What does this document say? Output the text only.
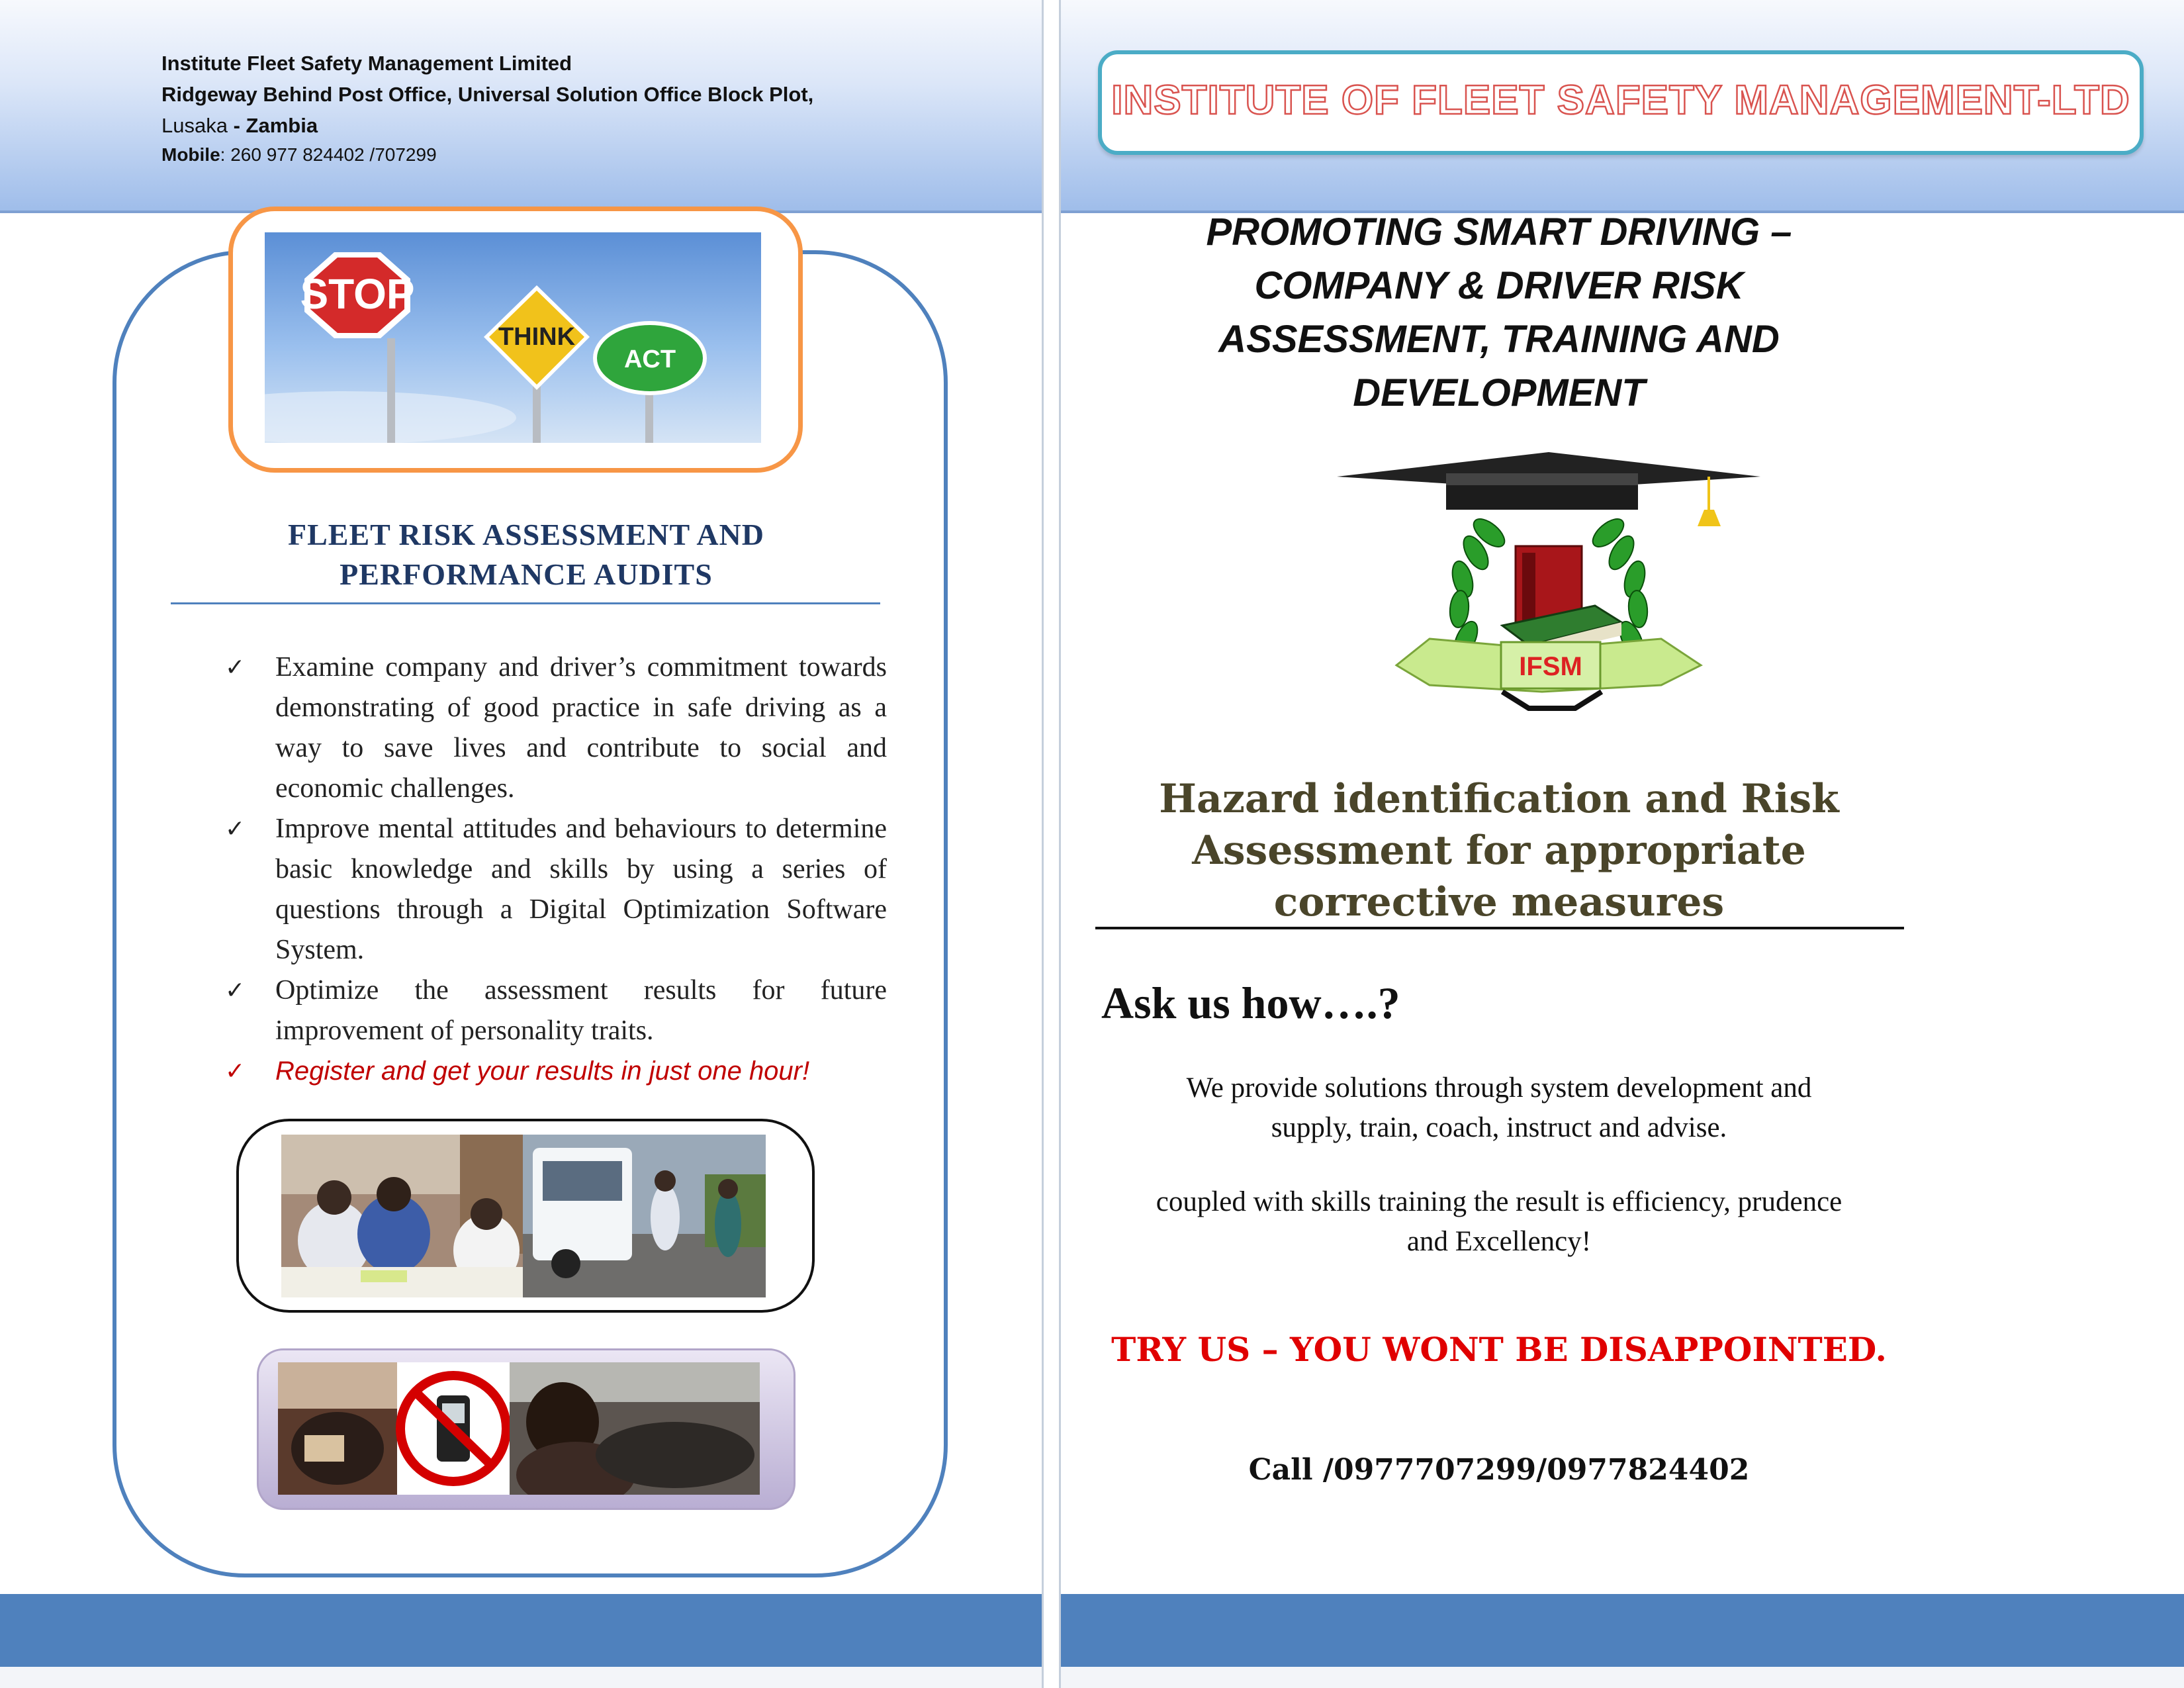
Institute Fleet Safety Management Limited
Ridgeway Behind Post Office, Universal Solution Office Block Plot,
Lusaka - Zambia
Mobile: 260 977 824402 /707299
STOP
THINK
ACT
FLEET RISK ASSESSMENT AND
PERFORMANCE AUDITS
✓ Examine company and driver’s commitment towards demonstrating of good practice in safe driving as a way to save lives and contribute to social and economic challenges.
✓ Improve mental attitudes and behaviours to determine basic knowledge and skills by using a series of questions through a Digital Optimization Software System.
✓ Optimize the assessment results for future improvement of personality traits.
✓ Register and get your results in just one hour!
INSTITUTE OF FLEET SAFETY MANAGEMENT-LTD
PROMOTING SMART DRIVING –
COMPANY & DRIVER RISK
ASSESSMENT, TRAINING AND
DEVELOPMENT
IFSM
Hazard identification and Risk
Assessment for appropriate
corrective measures
Ask us how….?
We provide solutions through system development and
supply, train, coach, instruct and advise.
coupled with skills training the result is efficiency, prudence
and Excellency!
TRY US – YOU WONT BE DISAPPOINTED.
Call /0977707299/0977824402
